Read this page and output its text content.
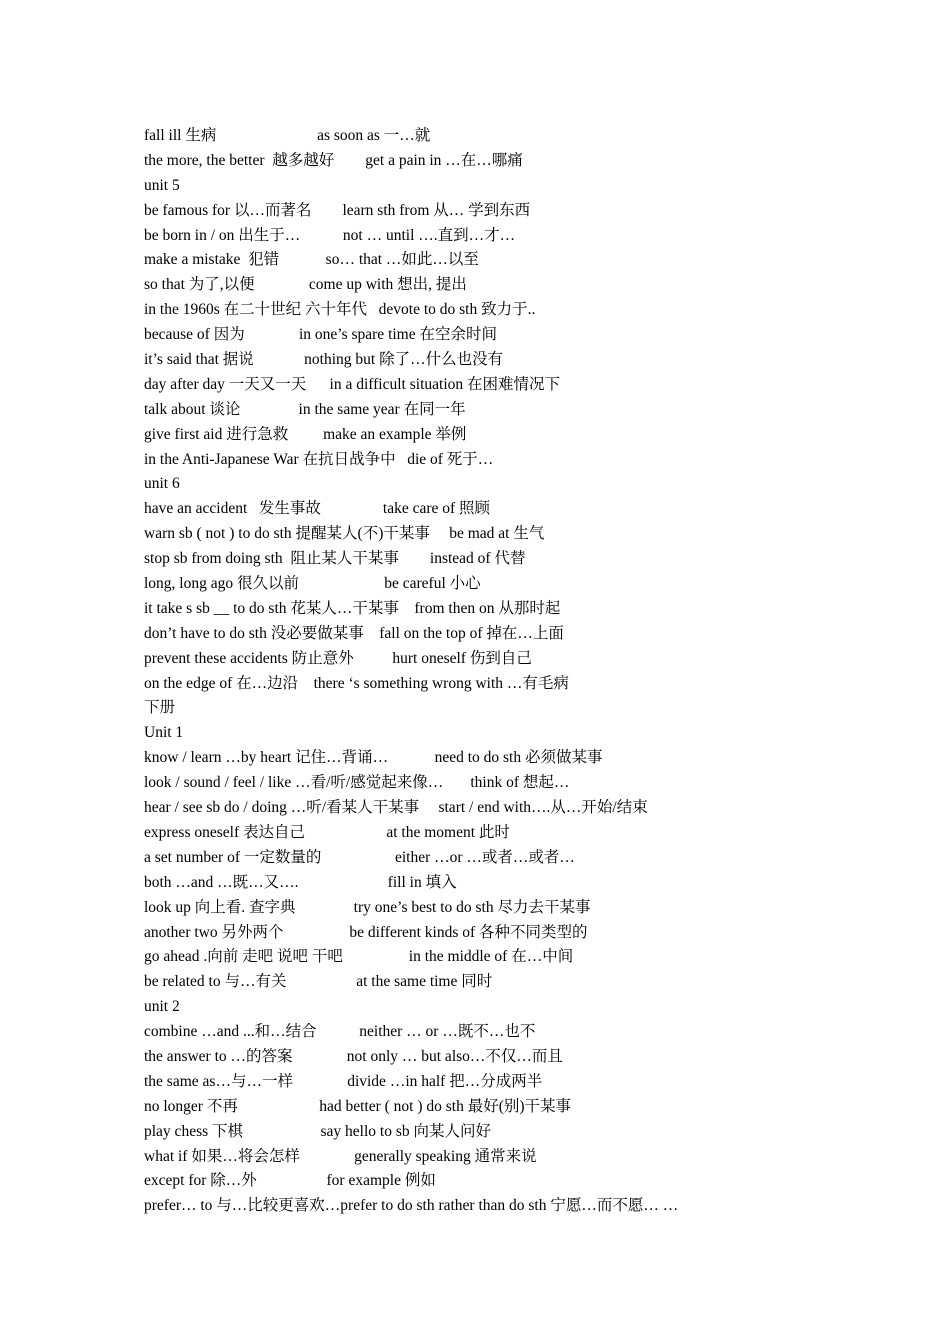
fall ill 生病                          as soon as 一…就
the more, the better  越多越好        get a pain in …在…哪痛
unit 5
be famous for 以…而著名        learn sth from 从… 学到东西
be born in / on 出生于…           not … until ….直到…才…
make a mistake  犯错            so… that …如此…以至
so that 为了,以便              come up with 想出, 提出
in the 1960s 在二十世纪 六十年代   devote to do sth 致力于..
because of 因为              in one’s spare time 在空余时间
it’s said that 据说             nothing but 除了…什么也没有
day after day 一天又一天      in a difficult situation 在困难情况下
talk about 谈论               in the same year 在同一年
give first aid 进行急救         make an example 举例
in the Anti-Japanese War 在抗日战争中   die of 死于…
unit 6
have an accident   发生事故                take care of 照顾
warn sb ( not ) to do sth 提醒某人(不)干某事     be mad at 生气
stop sb from doing sth  阻止某人干某事        instead of 代替
long, long ago 很久以前                      be careful 小心
it take s sb __ to do sth 花某人…干某事    from then on 从那时起
don’t have to do sth 没必要做某事    fall on the top of 掉在…上面
prevent these accidents 防止意外          hurt oneself 伤到自己
on the edge of 在…边沿    there ‘s something wrong with …有毛病
下册
Unit 1
know / learn …by heart 记住…背诵…            need to do sth 必须做某事
look / sound / feel / like …看/听/感觉起来像…       think of 想起…
hear / see sb do / doing …听/看某人干某事     start / end with….从…开始/结束
express oneself 表达自己                     at the moment 此时
a set number of 一定数量的                   either …or …或者…或者…
both …and …既…又….                       fill in 填入
look up 向上看. 查字典               try one’s best to do sth 尽力去干某事
another two 另外两个                 be different kinds of 各种不同类型的
go ahead .向前 走吧 说吧 干吧                 in the middle of 在…中间
be related to 与…有关                  at the same time 同时
unit 2
combine …and ...和…结合           neither … or …既不…也不
the answer to …的答案              not only … but also…不仅…而且
the same as…与…一样              divide …in half 把…分成两半
no longer 不再                     had better ( not ) do sth 最好(别)干某事
play chess 下棋                    say hello to sb 向某人问好
what if 如果…将会怎样              generally speaking 通常来说
except for 除…外                  for example 例如
prefer… to 与…比较更喜欢…prefer to do sth rather than do sth 宁愿…而不愿… …
